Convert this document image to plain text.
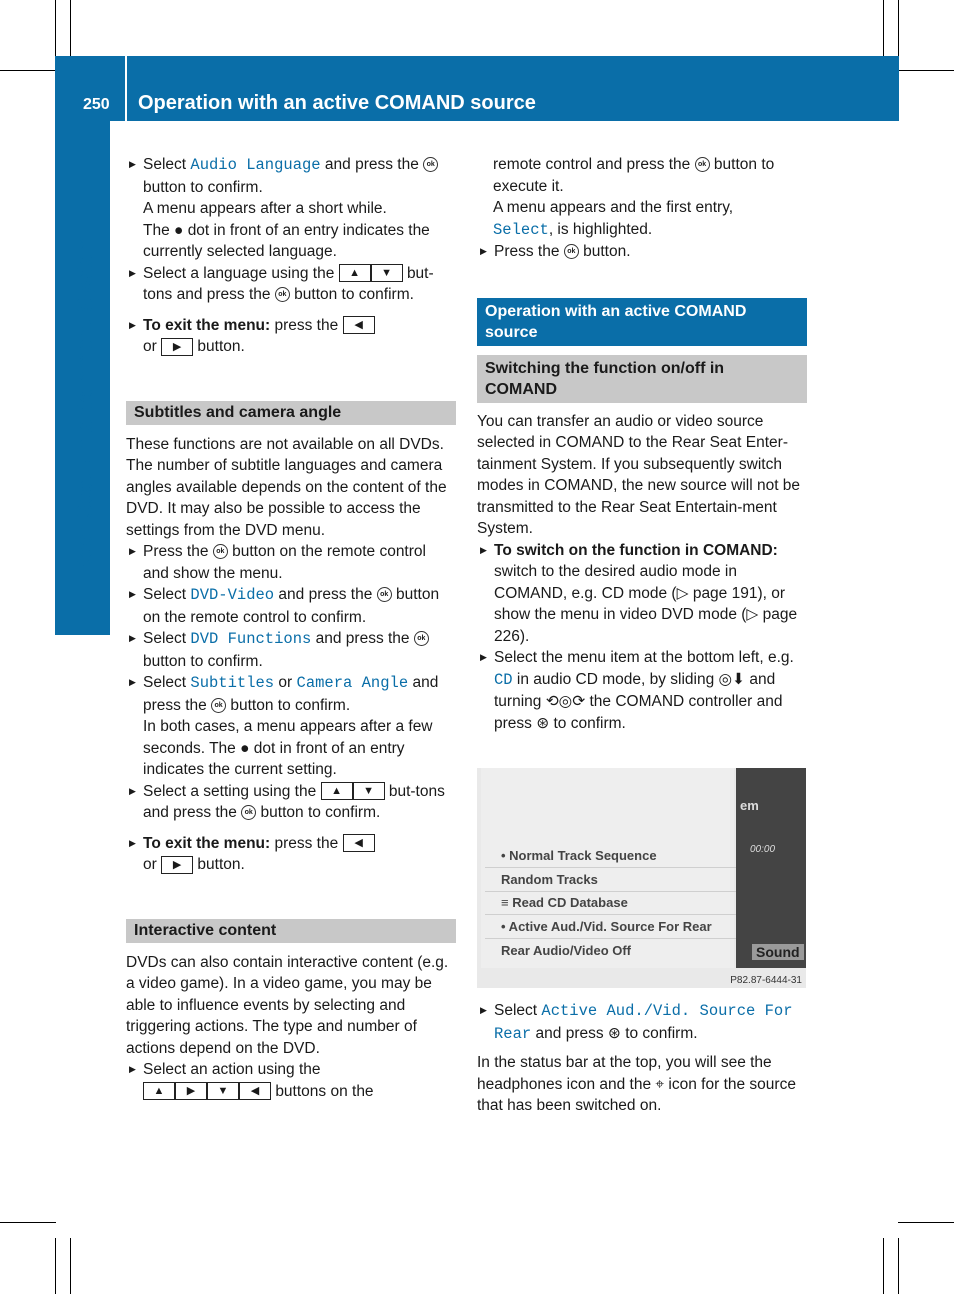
250 Operation with an active COMAND source
Rear Seat Entertainment System

▶ Select Audio Language and press the ok
button to confirm.
A menu appears after a short while.
The ● dot in front of an entry indicates the currently selected language.

▶ Select a language using the ▲ ▼ but-tons and press the ok button to confirm.

▶ To exit the menu: press the ◀
or ▶ button.

Subtitles and camera angle

These functions are not available on all DVDs. The number of subtitle languages and camera angles available depends on the content of the DVD. It may also be possible to access the settings from the DVD menu.

▶ Press the ok button on the remote control and show the menu.

▶ Select DVD-Video and press the ok button on the remote control to confirm.

▶ Select DVD Functions and press the ok
button to confirm.

▶ Select Subtitles or Camera Angle and press the ok button to confirm.
In both cases, a menu appears after a few seconds. The ● dot in front of an entry indicates the current setting.

▶ Select a setting using the ▲ ▼ but-tons and press the ok button to confirm.

▶ To exit the menu: press the ◀
or ▶ button.

Interactive content

DVDs can also contain interactive content (e.g. a video game). In a video game, you may be able to influence events by selecting and triggering actions. The type and number of actions depend on the DVD.

▶ Select an action using the
▲ ▶ ▼ ◀ buttons on the

remote control and press the ok button to execute it.
A menu appears and the first entry,
Select, is highlighted.

▶ Press the ok button.

Operation with an active COMAND source
Switching the function on/off in COMAND

You can transfer an audio or video source selected in COMAND to the Rear Seat Enter-tainment System. If you subsequently switch modes in COMAND, the new source will not be transmitted to the Rear Seat Entertain-ment System.

▶ To switch on the function in COMAND: switch to the desired audio mode in COMAND, e.g. CD mode (▷ page 191), or show the menu in video DVD mode (▷ page 226).

▶ Select the menu item at the bottom left, e.g. CD in audio CD mode, by sliding ◎⬇ and turning ⟲◎⟳ the COMAND controller and press ⊛ to confirm.

• Normal Track Sequence
Random Tracks
≡ Read CD Database
• Active Aud./Vid. Source For Rear
Rear Audio/Video Off
em
00:00
Sound
P82.87-6444-31

▶ Select Active Aud./Vid. Source For Rear and press ⊛ to confirm.

In the status bar at the top, you will see the headphones icon and the ⌖ icon for the source that has been switched on.
